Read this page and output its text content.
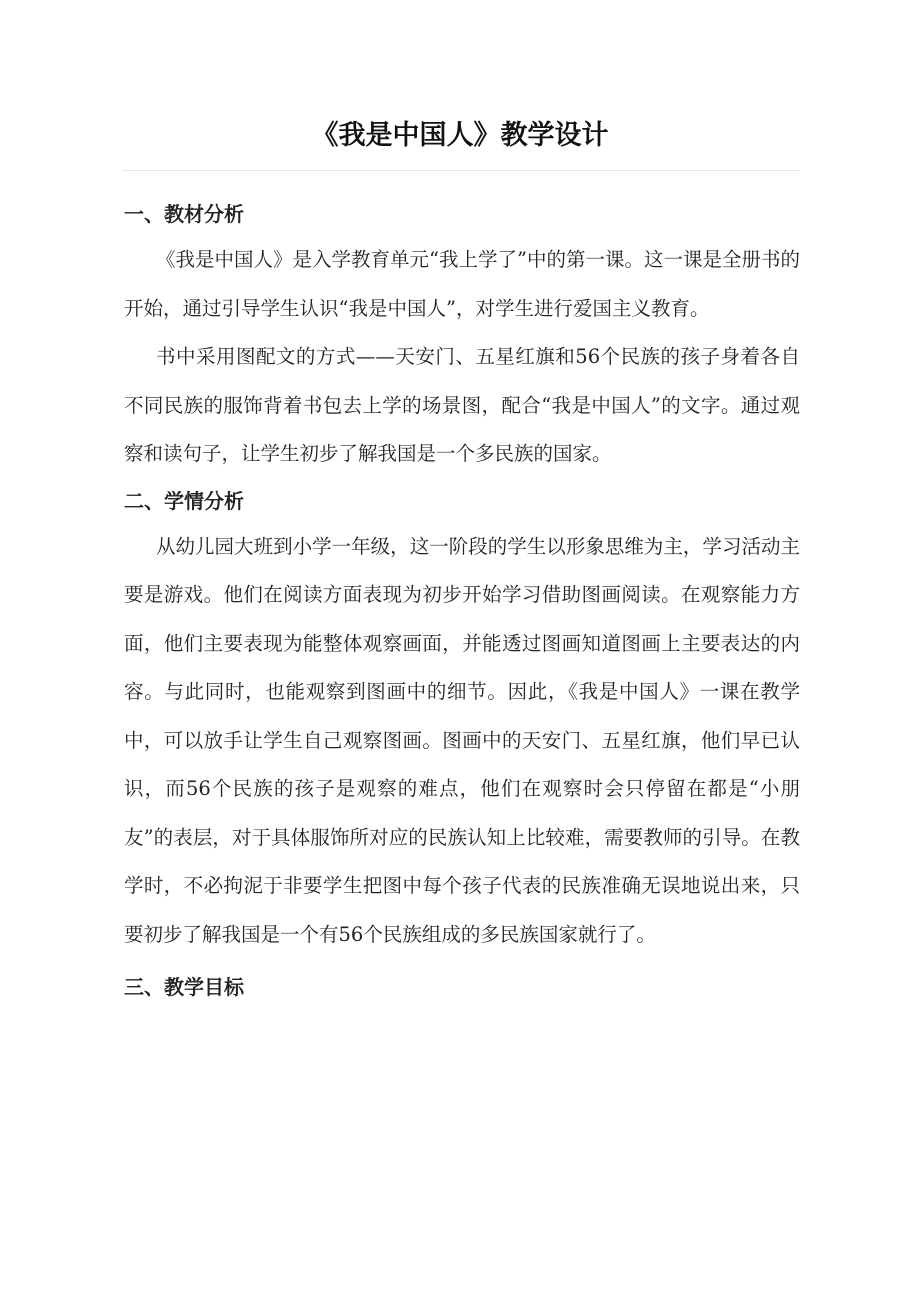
《我是中国人》教学设计
一、教材分析

《我是中国人》是入学教育单元“我上学了”中的第一课。这一课是全册书的开始，通过引导学生认识“我是中国人”，对学生进行爱国主义教育。

书中采用图配文的方式——天安门、五星红旗和56个民族的孩子身着各自不同民族的服饰背着书包去上学的场景图，配合“我是中国人”的文字。通过观察和读句子，让学生初步了解我国是一个多民族的国家。

二、学情分析

从幼儿园大班到小学一年级，这一阶段的学生以形象思维为主，学习活动主要是游戏。他们在阅读方面表现为初步开始学习借助图画阅读。在观察能力方面，他们主要表现为能整体观察画面，并能透过图画知道图画上主要表达的内容。与此同时，也能观察到图画中的细节。因此，《我是中国人》一课在教学中，可以放手让学生自己观察图画。图画中的天安门、五星红旗，他们早已认识，而56个民族的孩子是观察的难点，他们在观察时会只停留在都是“小朋友”的表层，对于具体服饰所对应的民族认知上比较难，需要教师的引导。在教学时，不必拘泥于非要学生把图中每个孩子代表的民族准确无误地说出来，只要初步了解我国是一个有56个民族组成的多民族国家就行了。

三、教学目标
